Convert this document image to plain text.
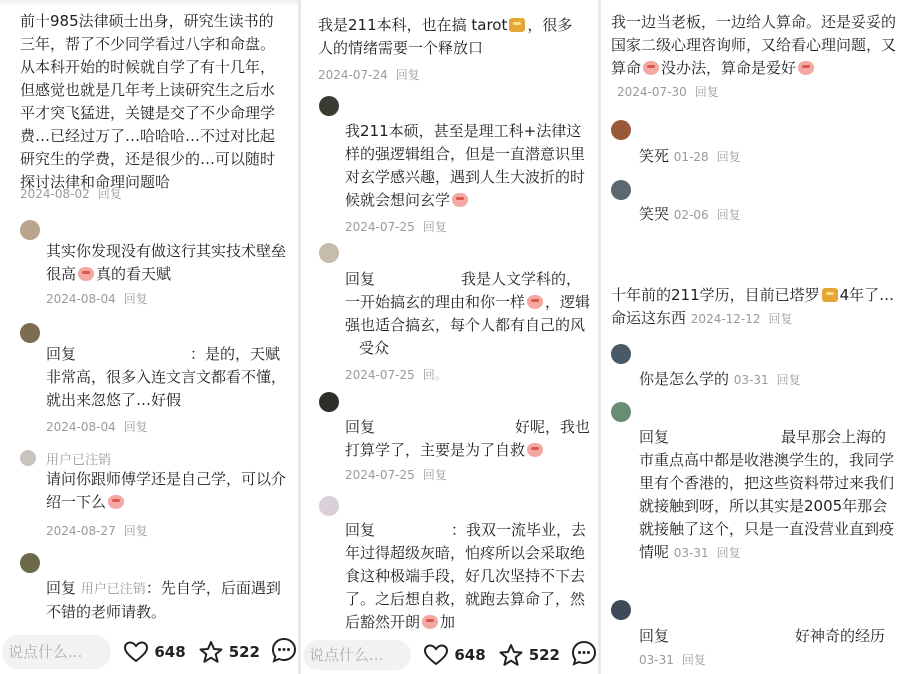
前十985法律硕士出身，研究生读书的三年，帮了不少同学看过八字和命盘。从本科开始的时候就自学了有十几年，但感觉也就是几年考上读研究生之后水平才突飞猛进，关键是交了不少命理学费…已经过万了…哈哈哈…不过对比起研究生的学费，还是很少的…可以随时探讨法律和命理问题哈
2024-08-02 回复
其实你发现没有做这行其实技术壁垒很高 真的看天赋
2024-08-04 回复
回复	：是的，天赋非常高，很多入连文言文都看不懂，就出来忽悠了…好假
2024-08-04 回复
用户已注销
请问你跟师傅学还是自己学，可以介绍一下么
2024-08-27 回复
回复 用户已注销：先自学，后面遇到不错的老师请教。
说点什么...	648	522
我是211本科，也在搞 tarot ，很多人的情绪需要一个释放口
2024-07-24 回复
我211本硕，甚至是理工科+法律这样的强逻辑组合，但是一直潜意识里对玄学感兴趣，遇到人生大波折的时候就会想问玄学
2024-07-25 回复
回复	我是人文学科的，一开始搞玄的理由和你一样 ，逻辑强也适合搞玄，每个人都有自己的风受众
2024-07-25 回。
回复	好呢，我也打算学了，主要是为了自救
2024-07-25 回复
回复	：我双一流毕业，去年过得超级灰暗，怕疼所以会采取绝食这种极端手段，好几次坚持不下去了。之后想自救，就跑去算命了，然后豁然开朗 加
说点什么...	648	522
我一边当老板，一边给人算命。还是妥妥的国家二级心理咨询师，又给看心理问题，又算命 没办法，算命是爱好2024-07-30 回复
笑死 01-28 回复
笑哭 02-06 回复
十年前的211学历，目前已塔罗 4年了…命运这东西 2024-12-12 回复
你是怎么学的 03-31 回复
回复	最早那会上海的市重点高中都是收港澳学生的，我同学里有个香港的，把这些资料带过来我们就接触到呀，所以其实是2005年那会就接触了这个，只是一直没营业直到疫情呢 03-31 回复
回复	好神奇的经历
03-31 回复
